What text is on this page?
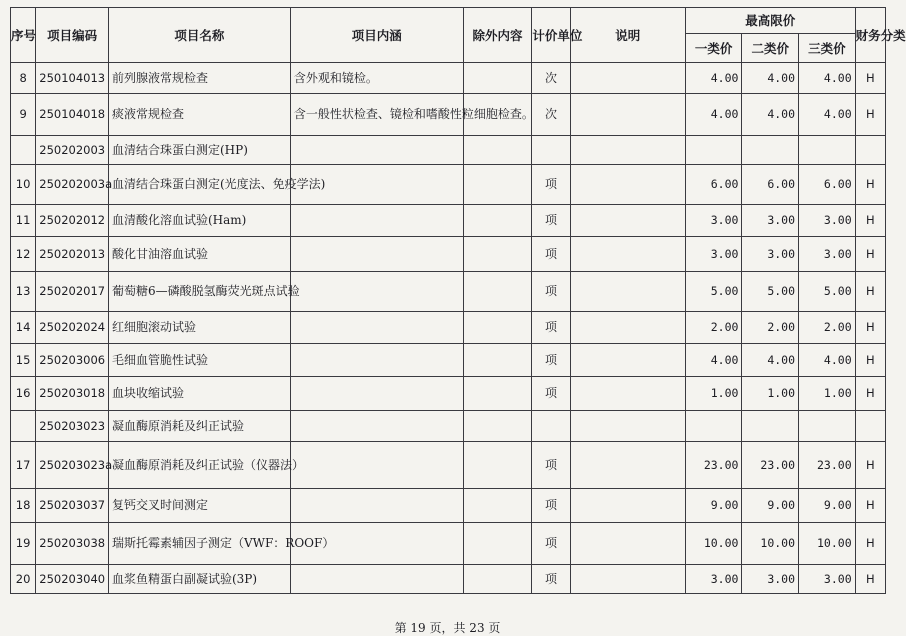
序号	项目编码	项目名称	项目内涵	除外内容	计价单位	说明	最高限价			财务分类
							一类价	二类价	三类价	
8	250104013	前列腺液常规检查	含外观和镜检。		次		4.00	4.00	4.00	H
9	250104018	痰液常规检查	含一般性状检查、镜检和嗜酸性粒细胞检查。		次		4.00	4.00	4.00	H
	250202003	血清结合珠蛋白测定(HP)								
10	250202003a	血清结合珠蛋白测定(光度法、免疫学法)			项		6.00	6.00	6.00	H
11	250202012	血清酸化溶血试验(Ham)			项		3.00	3.00	3.00	H
12	250202013	酸化甘油溶血试验			项		3.00	3.00	3.00	H
13	250202017	葡萄糖6—磷酸脱氢酶荧光斑点试验			项		5.00	5.00	5.00	H
14	250202024	红细胞滚动试验			项		2.00	2.00	2.00	H
15	250203006	毛细血管脆性试验			项		4.00	4.00	4.00	H
16	250203018	血块收缩试验			项		1.00	1.00	1.00	H
	250203023	凝血酶原消耗及纠正试验								
17	250203023a	凝血酶原消耗及纠正试验（仪器法）			项		23.00	23.00	23.00	H
18	250203037	复钙交叉时间测定			项		9.00	9.00	9.00	H
19	250203038	瑞斯托霉素辅因子测定（VWF：ROOF）			项		10.00	10.00	10.00	H
20	250203040	血浆鱼精蛋白副凝试验(3P)			项		3.00	3.00	3.00	H
第 19 页，共 23 页
